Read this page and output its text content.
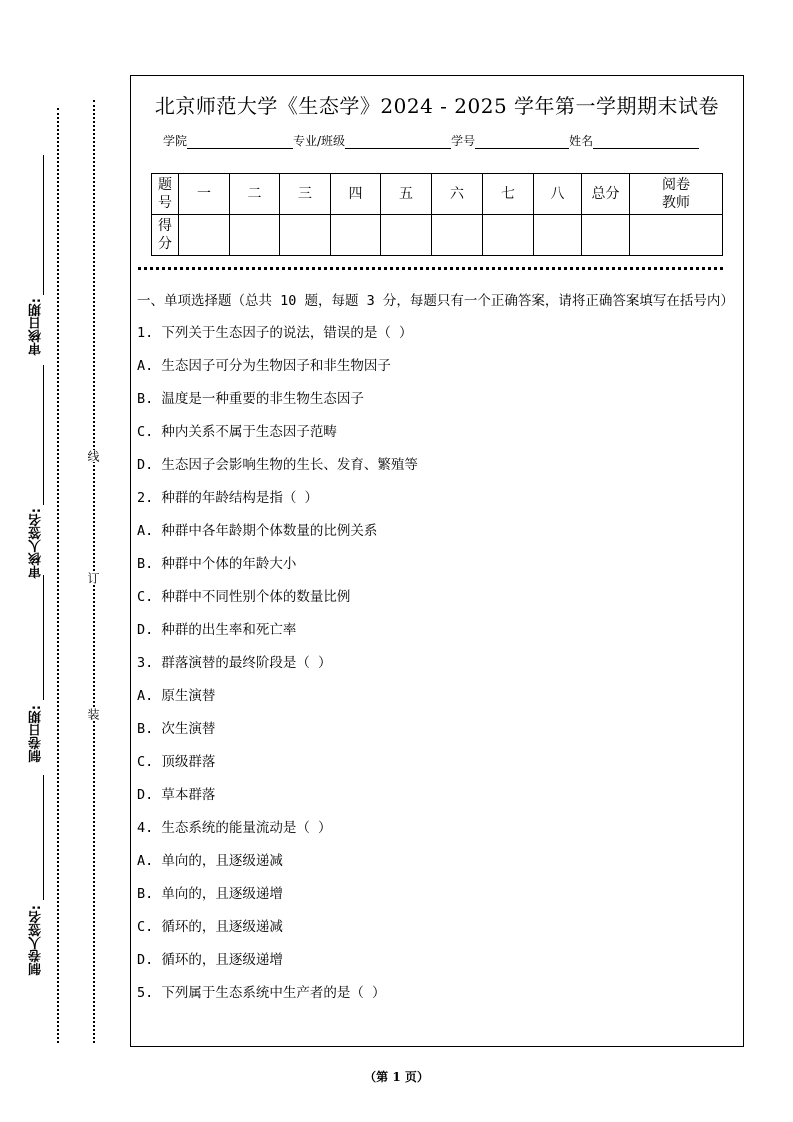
审核日期:
审核人签名:
制卷日期:
制卷人签名:
线
订
装
北京师范大学《生态学》2024 - 2025 学年第一学期期末试卷
学院	专业/班级	学号	姓名
题号	一	二	三	四	五	六	七	八	总分	阅卷教师
得分										
一、单项选择题（总共 10 题，每题 3 分，每题只有一个正确答案，请将正确答案填写在括号内）
1. 下列关于生态因子的说法，错误的是（ ）
A. 生态因子可分为生物因子和非生物因子
B. 温度是一种重要的非生物生态因子
C. 种内关系不属于生态因子范畴
D. 生态因子会影响生物的生长、发育、繁殖等
2. 种群的年龄结构是指（ ）
A. 种群中各年龄期个体数量的比例关系
B. 种群中个体的年龄大小
C. 种群中不同性别个体的数量比例
D. 种群的出生率和死亡率
3. 群落演替的最终阶段是（ ）
A. 原生演替
B. 次生演替
C. 顶级群落
D. 草本群落
4. 生态系统的能量流动是（ ）
A. 单向的，且逐级递减
B. 单向的，且逐级递增
C. 循环的，且逐级递减
D. 循环的，且逐级递增
5. 下列属于生态系统中生产者的是（ ）
（第 1 页）
